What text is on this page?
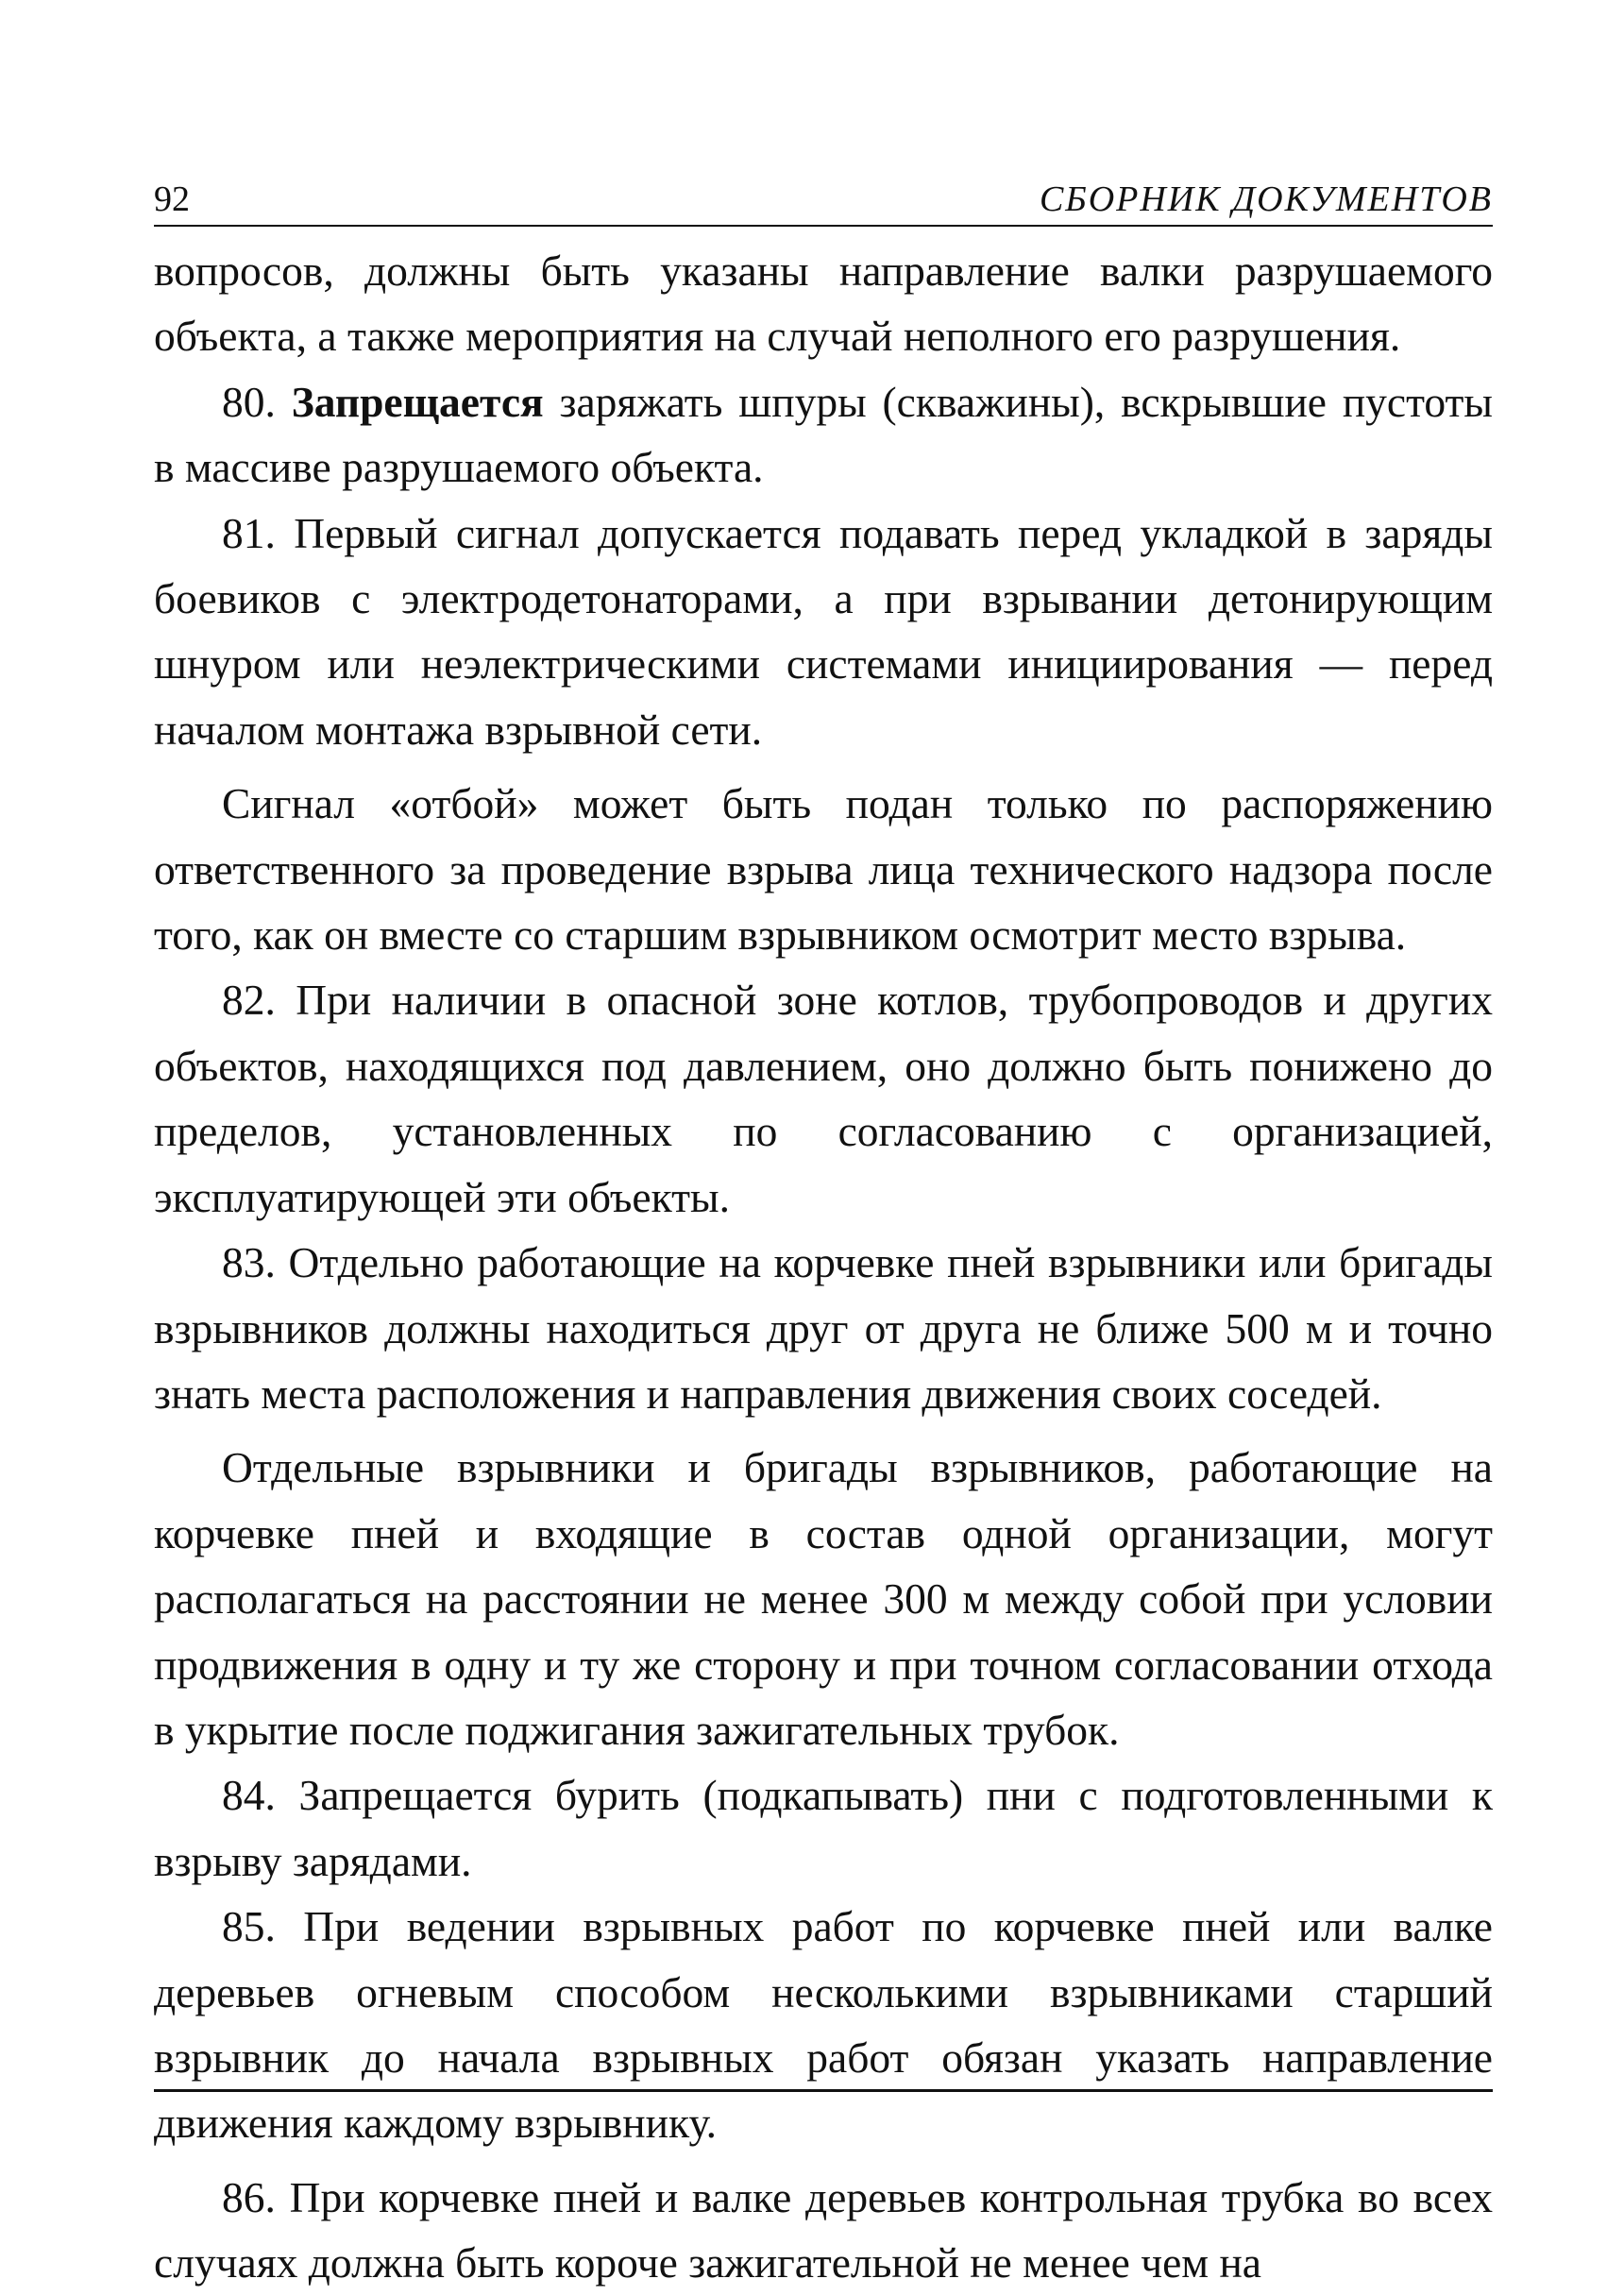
92	СБОРНИК ДОКУМЕНТОВ

вопросов, должны быть указаны направление валки разрушаемого объекта, а также мероприятия на случай неполного его разрушения.

80. Запрещается заряжать шпуры (скважины), вскрывшие пустоты в массиве разрушаемого объекта.

81. Первый сигнал допускается подавать перед укладкой в заряды боевиков с электродетонаторами, а при взрывании детонирующим шнуром или неэлектрическими системами инициирования — перед началом монтажа взрывной сети.

Сигнал «отбой» может быть подан только по распоряжению ответственного за проведение взрыва лица технического надзора после того, как он вместе со старшим взрывником осмотрит место взрыва.

82. При наличии в опасной зоне котлов, трубопроводов и других объектов, находящихся под давлением, оно должно быть понижено до пределов, установленных по согласованию с организацией, эксплуатирующей эти объекты.

83. Отдельно работающие на корчевке пней взрывники или бригады взрывников должны находиться друг от друга не ближе 500 м и точно знать места расположения и направления движения своих соседей.

Отдельные взрывники и бригады взрывников, работающие на корчевке пней и входящие в состав одной организации, могут располагаться на расстоянии не менее 300 м между собой при условии продвижения в одну и ту же сторону и при точном согласовании отхода в укрытие после поджигания зажигательных трубок.

84. Запрещается бурить (подкапывать) пни с подготовленными к взрыву зарядами.

85. При ведении взрывных работ по корчевке пней или валке деревьев огневым способом несколькими взрывниками старший взрывник до начала взрывных работ обязан указать направление движения каждому взрывнику.

86. При корчевке пней и валке деревьев контрольная трубка во всех случаях должна быть короче зажигательной не менее чем на
